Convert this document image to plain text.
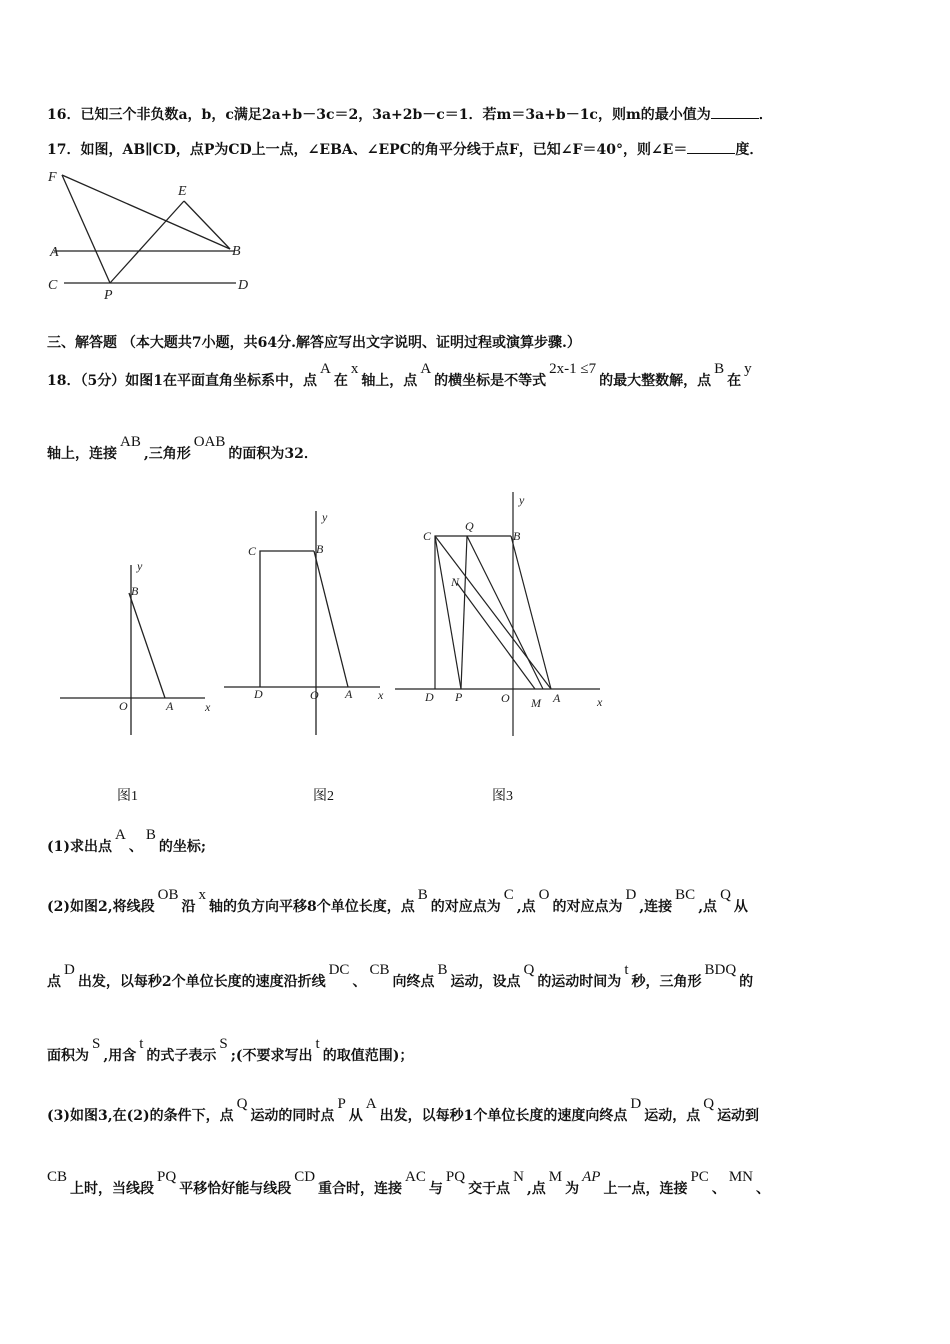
16．已知三个非负数a，b，c满足2a+b－3c＝2，3a+2b－c＝1．若m＝3a+b－1c，则m的最小值为	．
17．如图，AB∥CD，点P为CD上一点，∠EBA、∠EPC的角平分线于点F，已知∠F＝40°，则∠E＝	度．
F
E
A	B
C	D
P
三、解答题 （本大题共7小题，共64分.解答应写出文字说明、证明过程或演算步骤.）
18．（5分）如图1在平面直角坐标系中，点A在x轴上，点A的横坐标是不等式2x-1 ≤7的最大整数解，点B在y
轴上，连接AB,三角形OAB的面积为32．
y
B
O	A	x
图1
y
C	B
D	O A x
图2
y
C
Q
B
N
D P	O M A	x
图3
(1)求出点A、B的坐标;
(2)如图2,将线段OB沿x轴的负方向平移8个单位长度，点B的对应点为C,点O的对应点为D,连接BC,点Q从
点D出发，以每秒2个单位长度的速度沿折线DC、CB向终点B运动，设点Q的运动时间为t秒，三角形BDQ的
面积为S,用含t的式子表示S;(不要求写出t的取值范围)；
(3)如图3,在(2)的条件下，点Q运动的同时点P从A出发，以每秒1个单位长度的速度向终点D运动，点Q运动到
CB上时，当线段PQ平移恰好能与线段CD重合时，连接AC与PQ交于点N,点M为AP上一点，连接PC、MN、
